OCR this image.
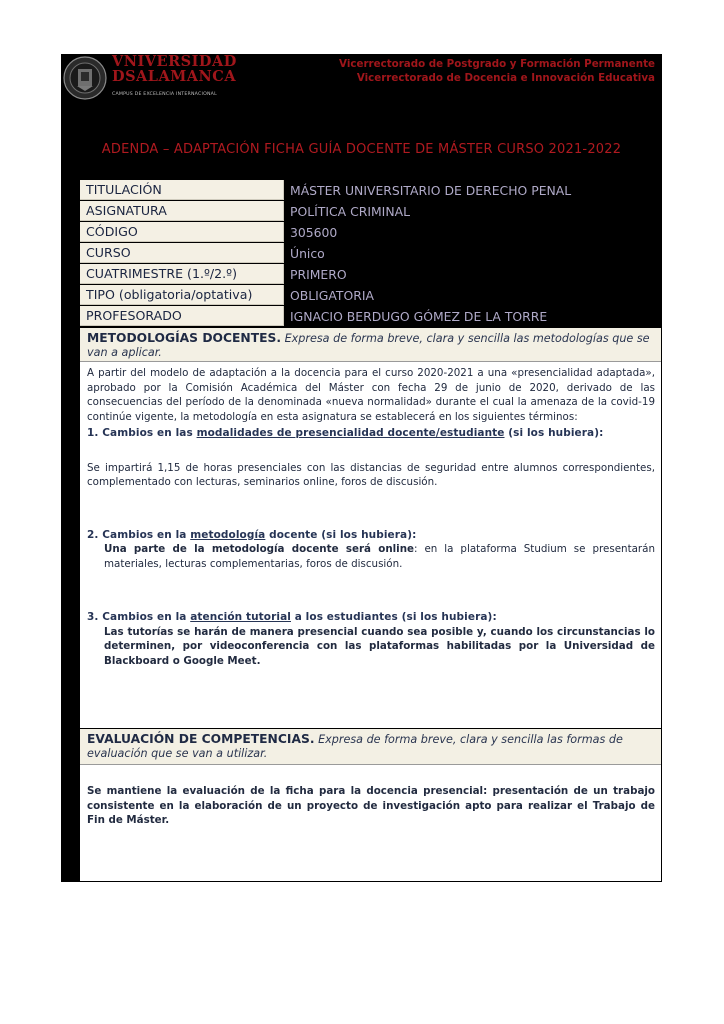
VNIVERSIDAD
DSALAMANCA
CAMPUS DE EXCELENCIA INTERNACIONAL
Vicerrectorado de Postgrado y Formación Permanente
Vicerrectorado de Docencia e Innovación Educativa
ADENDA – ADAPTACIÓN FICHA GUÍA DOCENTE DE MÁSTER CURSO 2021-2022
TITULACIÓN	MÁSTER UNIVERSITARIO DE DERECHO PENAL
ASIGNATURA	POLÍTICA CRIMINAL
CÓDIGO	305600
CURSO	Único
CUATRIMESTRE (1.º/2.º)	PRIMERO
TIPO (obligatoria/optativa)	OBLIGATORIA
PROFESORADO	IGNACIO BERDUGO GÓMEZ DE LA TORRE
METODOLOGÍAS DOCENTES. Expresa de forma breve, clara y sencilla las metodologías que se van a aplicar.

A partir del modelo de adaptación a la docencia para el curso 2020-2021 a una «presencialidad adaptada», aprobado por la Comisión Académica del Máster con fecha 29 de junio de 2020, derivado de las consecuencias del período de la denominada «nueva normalidad» durante el cual la amenaza de la covid-19 continúe vigente, la metodología en esta asignatura se establecerá en los siguientes términos:

1. Cambios en las modalidades de presencialidad docente/estudiante (si los hubiera):

Se impartirá 1,15 de horas presenciales con las distancias de seguridad entre alumnos correspondientes, complementado con lecturas, seminarios online, foros de discusión.

2. Cambios en la metodología docente (si los hubiera):

Una parte de la metodología docente será online: en la plataforma Studium se presentarán materiales, lecturas complementarias, foros de discusión.

3. Cambios en la atención tutorial a los estudiantes (si los hubiera):

Las tutorías se harán de manera presencial cuando sea posible y, cuando los circunstancias lo determinen, por videoconferencia con las plataformas habilitadas por la Universidad de Blackboard o Google Meet.

EVALUACIÓN DE COMPETENCIAS. Expresa de forma breve, clara y sencilla las formas de evaluación que se van a utilizar.

Se mantiene la evaluación de la ficha para la docencia presencial: presentación de un trabajo consistente en la elaboración de un proyecto de investigación apto para realizar el Trabajo de Fin de Máster.
